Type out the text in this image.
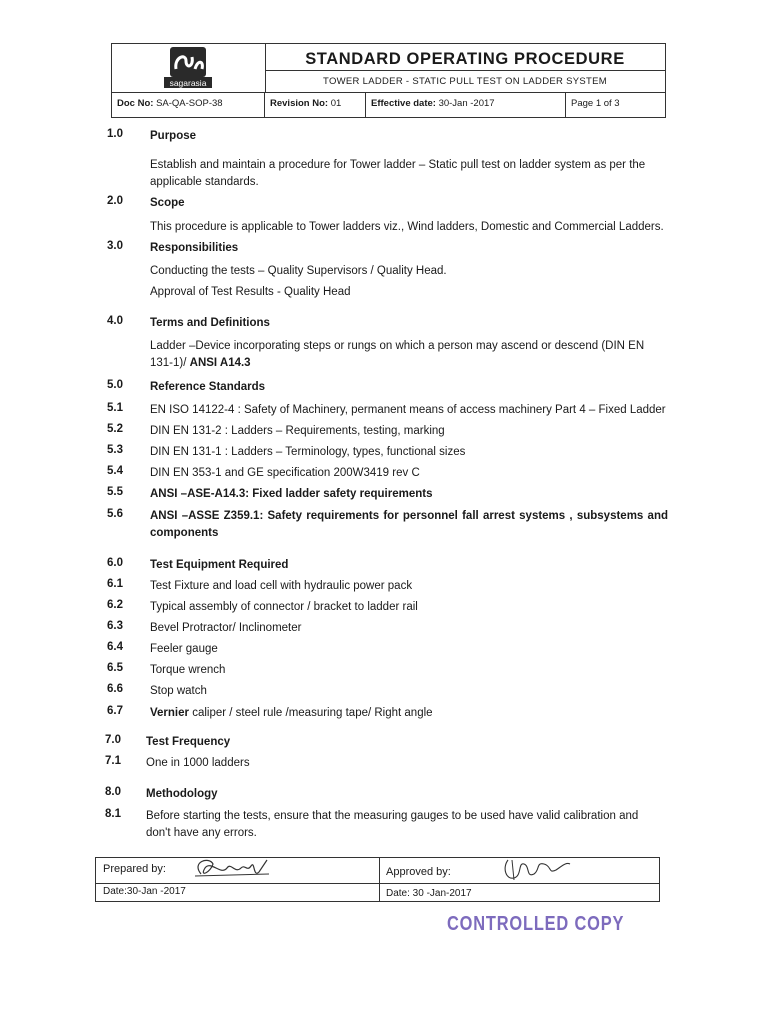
sagarasia
STANDARD OPERATING PROCEDURE
TOWER LADDER - STATIC PULL TEST ON LADDER SYSTEM
Doc No: SA-QA-SOP-38	Revision No: 01	Effective date: 30-Jan -2017	Page 1 of 3
1.0 Purpose
Establish and maintain a procedure for Tower ladder – Static pull test on ladder system as per the applicable standards.
2.0 Scope
This procedure is applicable to Tower ladders viz., Wind ladders, Domestic and Commercial Ladders.
3.0 Responsibilities
Conducting the tests – Quality Supervisors / Quality Head.
Approval of Test Results - Quality Head
4.0 Terms and Definitions
Ladder –Device incorporating steps or rungs on which a person may ascend or descend (DIN EN 131-1)/ ANSI A14.3
5.0 Reference Standards
5.1 EN ISO 14122-4 : Safety of Machinery, permanent means of access machinery Part 4 – Fixed Ladder
5.2 DIN EN 131-2 : Ladders – Requirements, testing, marking
5.3 DIN EN 131-1 : Ladders – Terminology, types, functional sizes
5.4 DIN EN 353-1 and GE specification 200W3419 rev C
5.5 ANSI –ASE-A14.3: Fixed ladder safety requirements
5.6 ANSI –ASSE Z359.1: Safety requirements for personnel fall arrest systems , subsystems and components
6.0 Test Equipment Required
6.1 Test Fixture and load cell with hydraulic power pack
6.2 Typical assembly of connector / bracket to ladder rail
6.3 Bevel Protractor/ Inclinometer
6.4 Feeler gauge
6.5 Torque wrench
6.6 Stop watch
6.7 Vernier caliper / steel rule /measuring tape/ Right angle
7.0 Test Frequency
7.1 One in 1000 ladders
8.0 Methodology
8.1 Before starting the tests, ensure that the measuring gauges to be used have valid calibration and don't have any errors.
Prepared by:	Approved by:
Date:30-Jan -2017	Date: 30 -Jan-2017
CONTROLLED COPY
